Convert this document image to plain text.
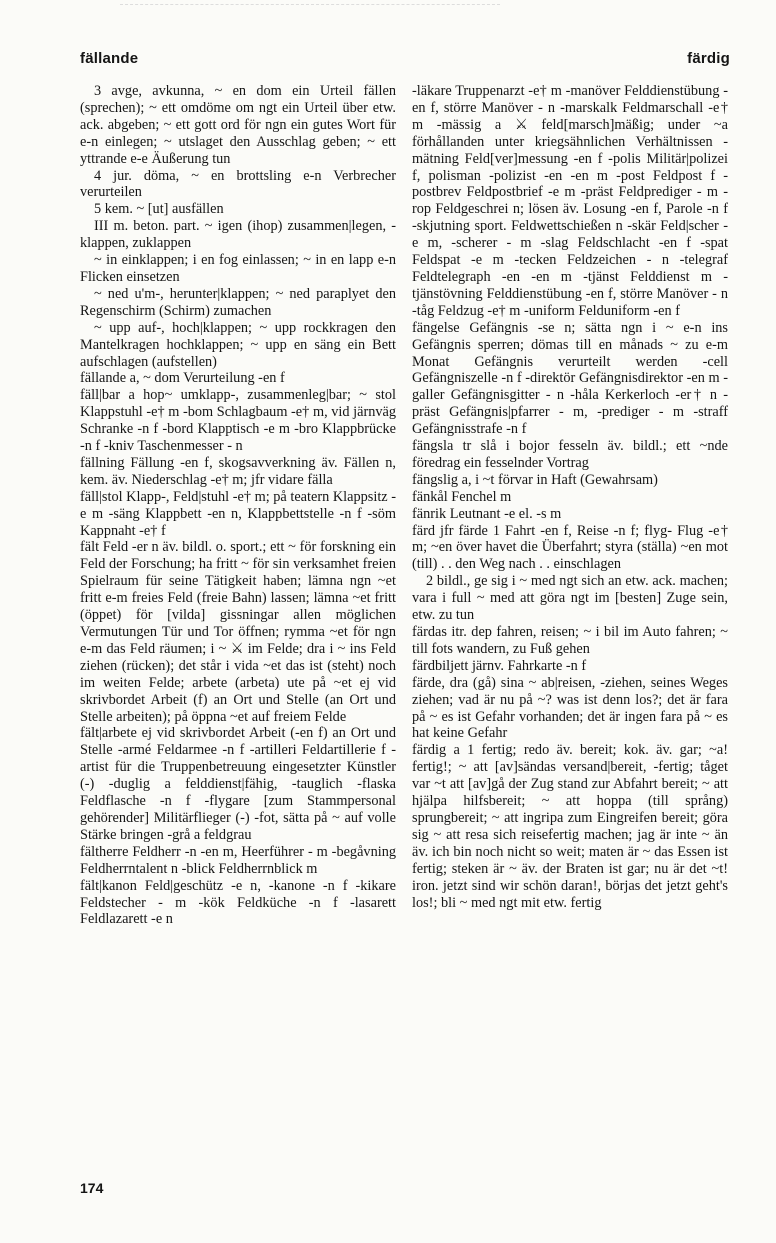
fällande	färdig

3 avge, avkunna, ~ en dom ein Urteil fällen (sprechen); ~ ett omdöme om ngt ein Urteil über etw. ack. abgeben; ~ ett gott ord för ngn ein gutes Wort für e-n einlegen; ~ utslaget den Ausschlag geben; ~ ett yttrande e-e Äußerung tun

4 jur. döma, ~ en brottsling e-n Verbrecher verurteilen

5 kem. ~ [ut] ausfällen

III m. beton. part. ~ igen (ihop) zusammen|legen, -klappen, zuklappen

~ in einklappen; i en fog einlassen; ~ in en lapp e-n Flicken einsetzen

~ ned u'm-, herunter|klappen; ~ ned paraplyet den Regenschirm (Schirm) zumachen

~ upp auf-, hoch|klappen; ~ upp rockkragen den Mantelkragen hochklappen; ~ upp en säng ein Bett aufschlagen (aufstellen)

fällande a, ~ dom Verurteilung -en f

fäll|bar a hop~ umklapp-, zusammenleg|bar; ~ stol Klappstuhl -e† m -bom Schlagbaum -e† m, vid järnväg Schranke -n f -bord Klapptisch -e m -bro Klappbrücke -n f -kniv Taschenmesser - n

fällning Fällung -en f, skogsavverkning äv. Fällen n, kem. äv. Niederschlag -e† m; jfr vidare fälla

fäll|stol Klapp-, Feld|stuhl -e† m; på teatern Klappsitz -e m -säng Klappbett -en n, Klappbettstelle -n f -söm Kappnaht -e† f

fält Feld -er n äv. bildl. o. sport.; ett ~ för forskning ein Feld der Forschung; ha fritt ~ för sin verksamhet freien Spielraum für seine Tätigkeit haben; lämna ngn ~et fritt e-m freies Feld (freie Bahn) lassen; lämna ~et fritt (öppet) för [vilda] gissningar allen möglichen Vermutungen Tür und Tor öffnen; rymma ~et för ngn e-m das Feld räumen; i ~ ⚔ im Felde; dra i ~ ins Feld ziehen (rücken); det står i vida ~et das ist (steht) noch im weiten Felde; arbete (arbeta) ute på ~et ej vid skrivbordet Arbeit (f) an Ort und Stelle (an Ort und Stelle arbeiten); på öppna ~et auf freiem Felde

fält|arbete ej vid skrivbordet Arbeit (-en f) an Ort und Stelle -armé Feldarmee -n f -artilleri Feldartillerie f -artist für die Truppenbetreuung eingesetzter Künstler (-) -duglig a felddienst|fähig, -tauglich -flaska Feldflasche -n f -flygare [zum Stammpersonal gehörender] Militärflieger (-) -fot, sätta på ~ auf volle Stärke bringen -grå a feldgrau

fältherre Feldherr -n -en m, Heerführer - m -begåvning Feldherrntalent n -blick Feldherrnblick m

fält|kanon Feld|geschütz -e n, -kanone -n f -kikare Feldstecher - m -kök Feldküche -n f -lasarett Feldlazarett -e n

-läkare Truppenarzt -e† m -manöver Felddienstübung -en f, större Manöver - n -marskalk Feldmarschall -e† m -mässig a ⚔ feld[marsch]mäßig; under ~a förhållanden unter kriegsähnlichen Verhältnissen -mätning Feld[ver]messung -en f -polis Militär|polizei f, polisman -polizist -en -en m -post Feldpost f -postbrev Feldpostbrief -e m -präst Feldprediger - m -rop Feldgeschrei n; lösen äv. Losung -en f, Parole -n f -skjutning sport. Feldwettschießen n -skär Feld|scher -e m, -scherer - m -slag Feldschlacht -en f -spat Feldspat -e m -tecken Feldzeichen - n -telegraf Feldtelegraph -en -en m -tjänst Felddienst m -tjänstövning Felddienstübung -en f, större Manöver - n -tåg Feldzug -e† m -uniform Felduniform -en f

fängelse Gefängnis -se n; sätta ngn i ~ e-n ins Gefängnis sperren; dömas till en månads ~ zu e-m Monat Gefängnis verurteilt werden -cell Gefängniszelle -n f -direktör Gefängnisdirektor -en m -galler Gefängnisgitter - n -håla Kerkerloch -er† n -präst Gefängnis|pfarrer - m, -prediger - m -straff Gefängnisstrafe -n f

fängsla tr slå i bojor fesseln äv. bildl.; ett ~nde föredrag ein fesselnder Vortrag

fängslig a, i ~t förvar in Haft (Gewahrsam)

fänkål Fenchel m

fänrik Leutnant -e el. -s m

färd jfr färde 1 Fahrt -en f, Reise -n f; flyg- Flug -e† m; ~en över havet die Überfahrt; styra (ställa) ~en mot (till) . . den Weg nach . . einschlagen

2 bildl., ge sig i ~ med ngt sich an etw. ack. machen; vara i full ~ med att göra ngt im [besten] Zuge sein, etw. zu tun

färdas itr. dep fahren, reisen; ~ i bil im Auto fahren; ~ till fots wandern, zu Fuß gehen

färdbiljett järnv. Fahrkarte -n f

färde, dra (gå) sina ~ ab|reisen, -ziehen, seines Weges ziehen; vad är nu på ~? was ist denn los?; det är fara på ~ es ist Gefahr vorhanden; det är ingen fara på ~ es hat keine Gefahr

färdig a 1 fertig; redo äv. bereit; kok. äv. gar; ~a! fertig!; ~ att [av]sändas versand|bereit, -fertig; tåget var ~t att [av]gå der Zug stand zur Abfahrt bereit; ~ att hjälpa hilfsbereit; ~ att hoppa (till språng) sprungbereit; ~ att ingripa zum Eingreifen bereit; göra sig ~ att resa sich reisefertig machen; jag är inte ~ än äv. ich bin noch nicht so weit; maten är ~ das Essen ist fertig; steken är ~ äv. der Braten ist gar; nu är det ~t! iron. jetzt sind wir schön daran!, börjas det jetzt geht's los!; bli ~ med ngt mit etw. fertig

174
